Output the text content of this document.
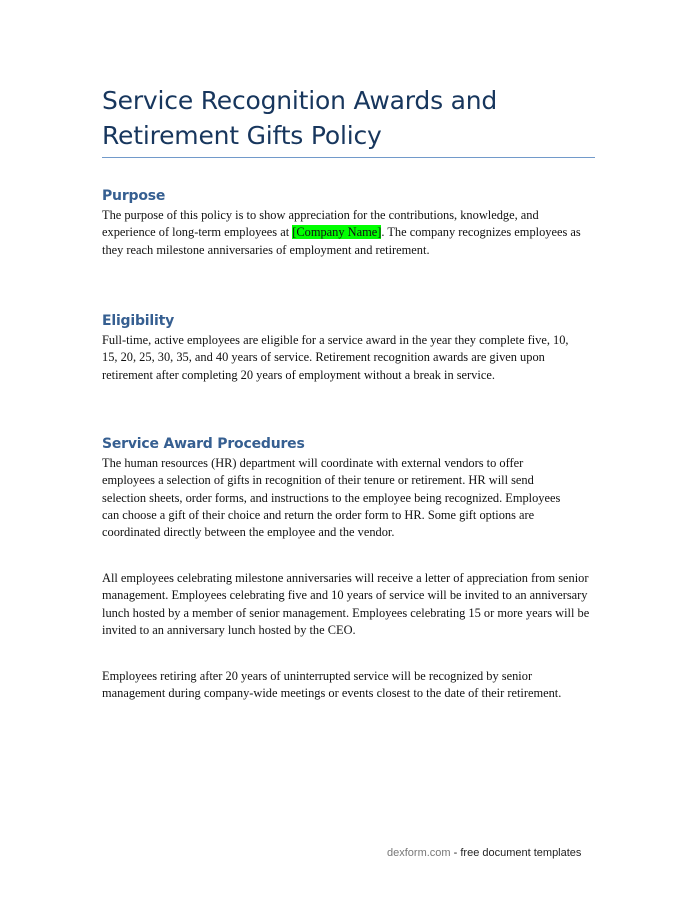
Service Recognition Awards and Retirement Gifts Policy
Purpose

The purpose of this policy is to show appreciation for the contributions, knowledge, and experience of long-term employees at [Company Name]. The company recognizes employees as they reach milestone anniversaries of employment and retirement.

Eligibility

Full-time, active employees are eligible for a service award in the year they complete five, 10, 15, 20, 25, 30, 35, and 40 years of service. Retirement recognition awards are given upon retirement after completing 20 years of employment without a break in service.

Service Award Procedures

The human resources (HR) department will coordinate with external vendors to offer employees a selection of gifts in recognition of their tenure or retirement. HR will send selection sheets, order forms, and instructions to the employee being recognized. Employees can choose a gift of their choice and return the order form to HR. Some gift options are coordinated directly between the employee and the vendor.

All employees celebrating milestone anniversaries will receive a letter of appreciation from senior management. Employees celebrating five and 10 years of service will be invited to an anniversary lunch hosted by a member of senior management. Employees celebrating 15 or more years will be invited to an anniversary lunch hosted by the CEO.

Employees retiring after 20 years of uninterrupted service will be recognized by senior management during company-wide meetings or events closest to the date of their retirement.

dexform.com - free document templates
